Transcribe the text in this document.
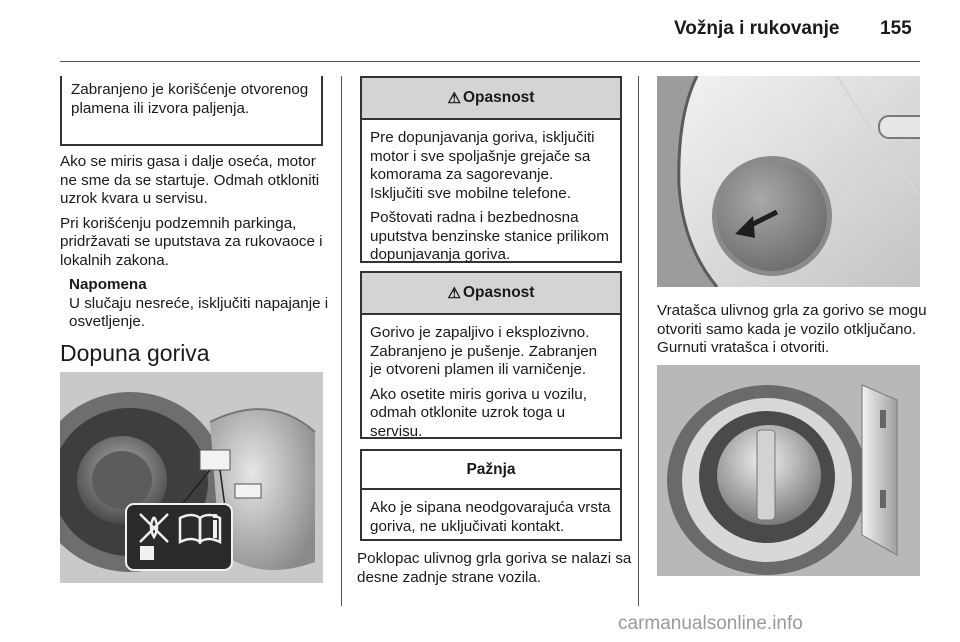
Vožnja i rukovanje 155

Zabranjeno je korišćenje otvorenog plamena ili izvora paljenja.

Ako se miris gasa i dalje oseća, motor ne sme da se startuje. Odmah otkloniti uzrok kvara u servisu.

Pri korišćenju podzemnih parkinga, pridržavati se uputstava za rukovaoce i lokalnih zakona.

Napomena

U slučaju nesreće, isključiti napajanje i osvetljenje.

Dopuna goriva
⚠ Opasnost

Pre dopunjavanja goriva, isključiti motor i sve spoljašnje grejače sa komorama za sagorevanje.

Isključiti sve mobilne telefone.

Poštovati radna i bezbednosna uputstva benzinske stanice prilikom dopunjavanja goriva.

⚠ Opasnost

Gorivo je zapaljivo i eksplozivno. Zabranjeno je pušenje. Zabranjen je otvoreni plamen ili varničenje.

Ako osetite miris goriva u vozilu, odmah otklonite uzrok toga u servisu.

Pažnja

Ako je sipana neodgovarajuća vrsta goriva, ne uključivati kontakt.

Poklopac ulivnog grla goriva se nalazi sa desne zadnje strane vozila.

Vratašca ulivnog grla za gorivo se mogu otvoriti samo kada je vozilo otključano. Gurnuti vratašca i otvoriti.

carmanualsonline.info
